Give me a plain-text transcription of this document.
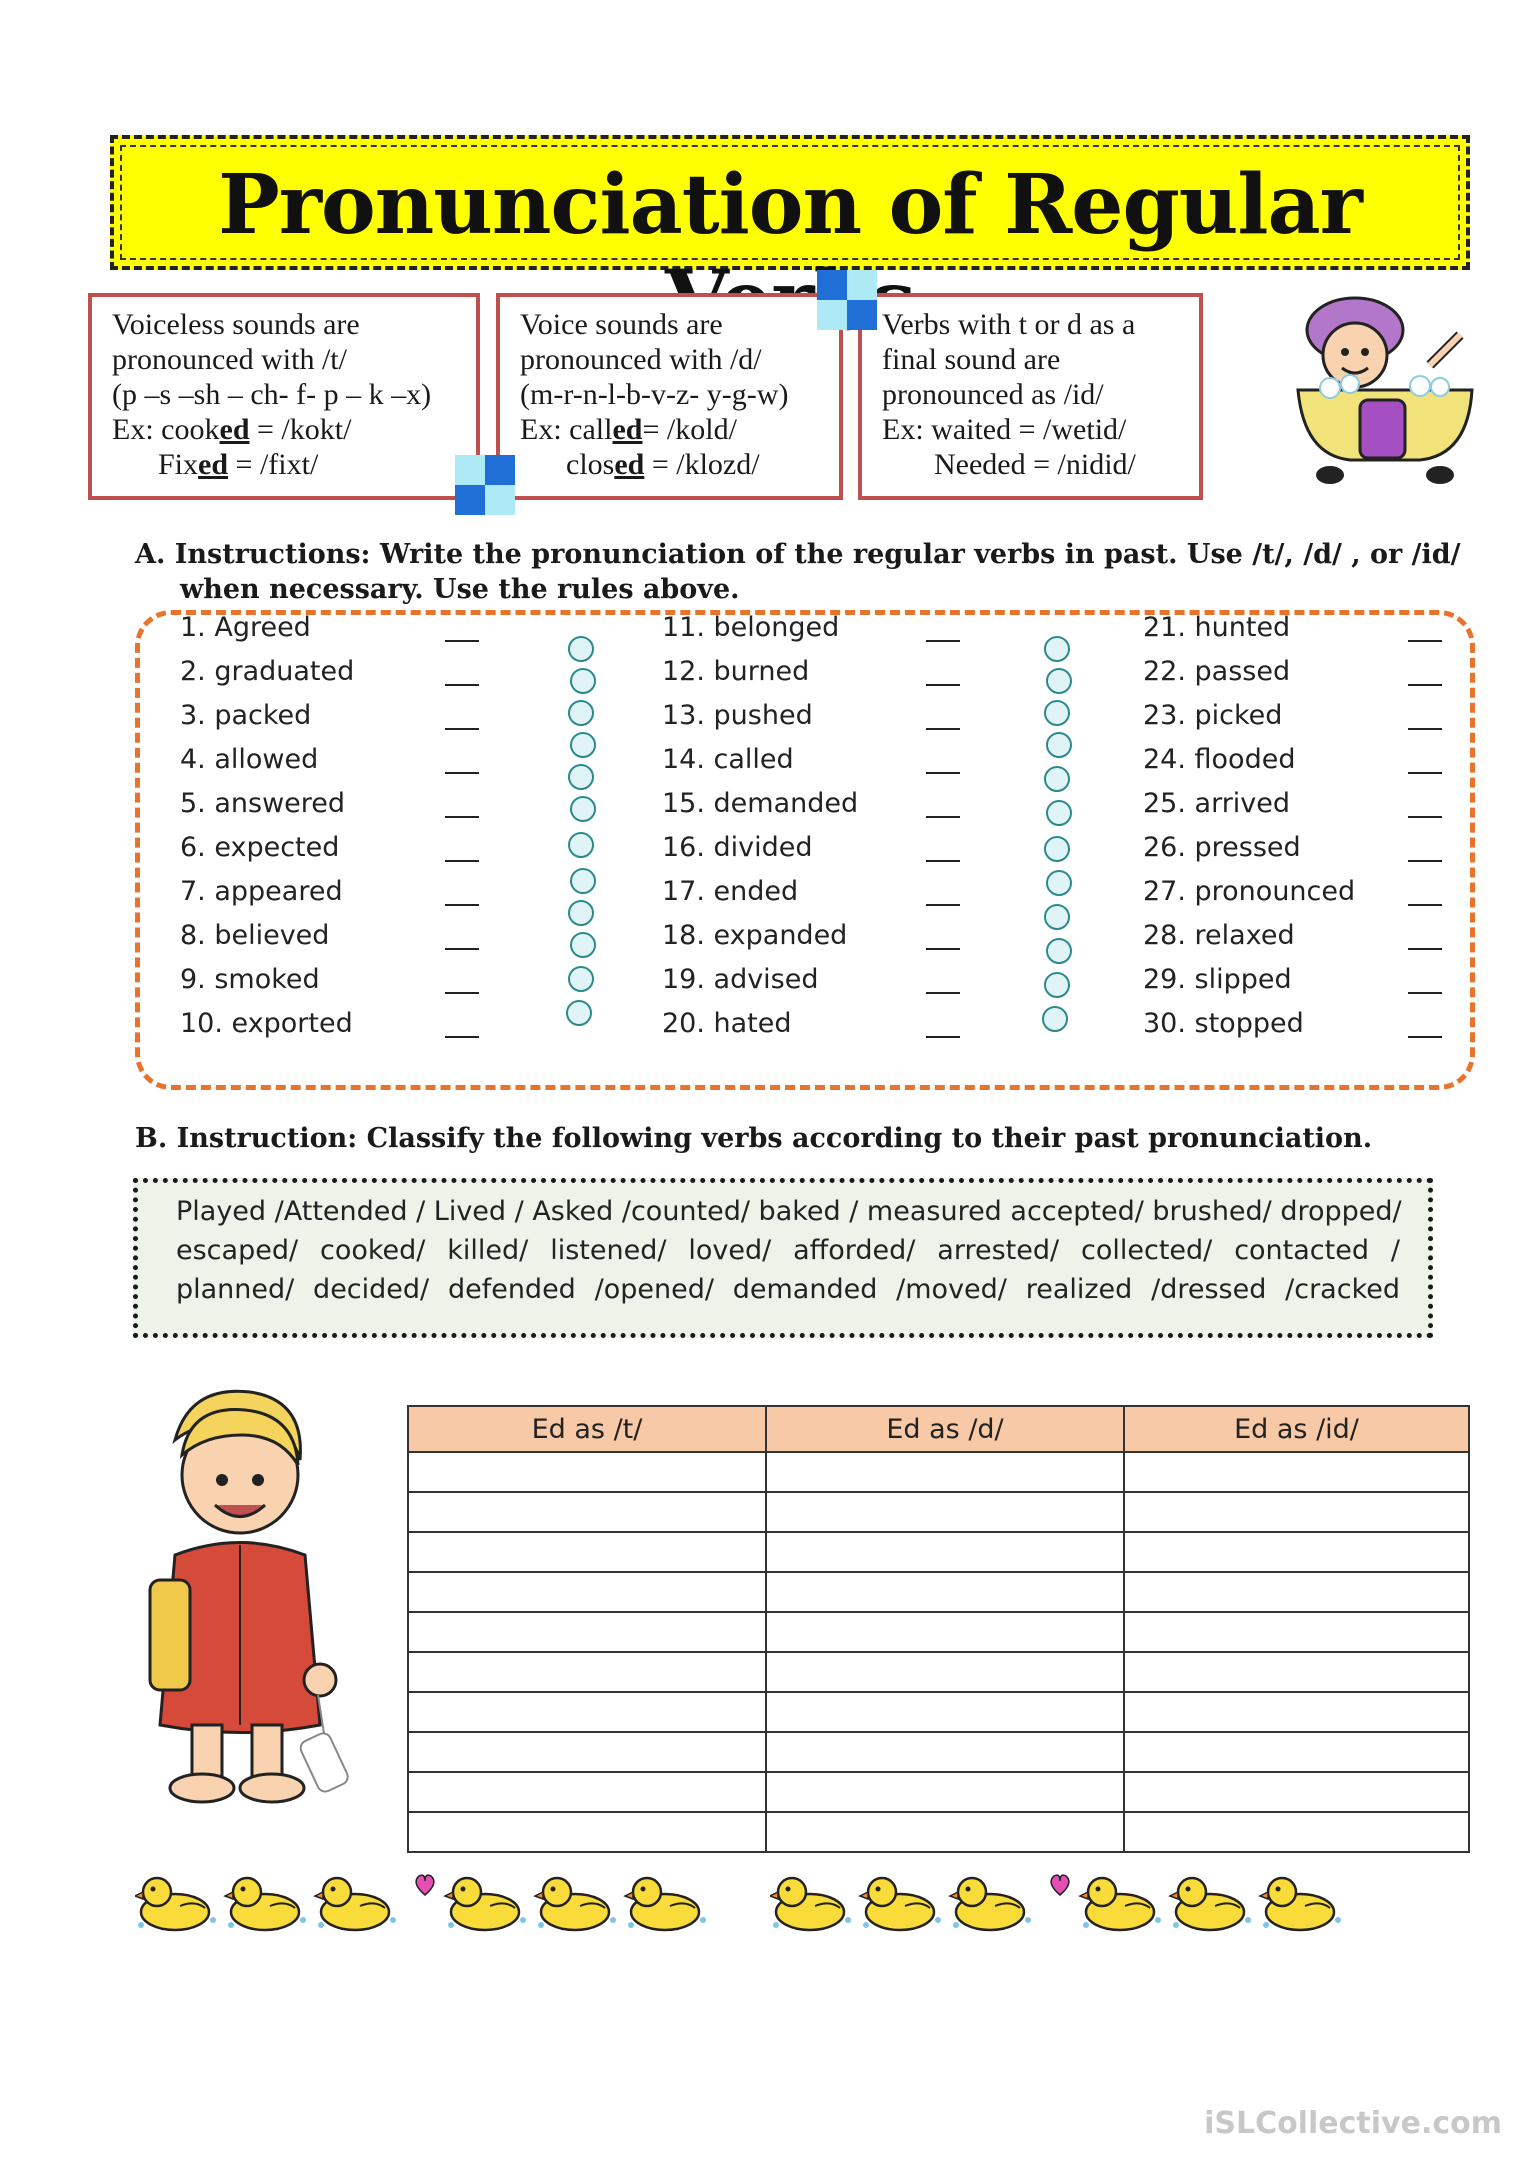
Pronunciation of Regular
Voiceless sounds are
pronounced with /t/
(p –s –sh – ch- f- p – k –x)
Ex: cooked = /kokt/
Fixed = /fixt/
Voice sounds are
pronounced with /d/
(m-r-n-l-b-v-z- y-g-w)
Ex: called= /kold/
closed = /klozd/
Verbs with t or d as a
final sound are
pronounced as /id/
Ex: waited = /wetid/
Needed = /nidid/
A. Instructions: Write the pronunciation of the regular verbs in past. Use /t/, /d/ , or /id/
when necessary. Use the rules above.
1. Agreed
2. graduated
3. packed
4. allowed
5. answered
6. expected
7. appeared
8. believed
9. smoked
10. exported
11. belonged
12. burned
13. pushed
14. called
15. demanded
16. divided
17. ended
18. expanded
19. advised
20. hated
21. hunted
22. passed
23. picked
24. flooded
25. arrived
26. pressed
27. pronounced
28. relaxed
29. slipped
30. stopped
B. Instruction: Classify the following verbs according to their past pronunciation.
Played /Attended / Lived / Asked /counted/ baked / measured accepted/ brushed/ dropped/
escaped/ cooked/ killed/ listened/ loved/ afforded/ arrested/ collected/ contacted /
planned/ decided/ defended /opened/ demanded /moved/ realized /dressed /cracked
Ed as /t/	Ed as /d/	Ed as /id/

iSLCollective.com
